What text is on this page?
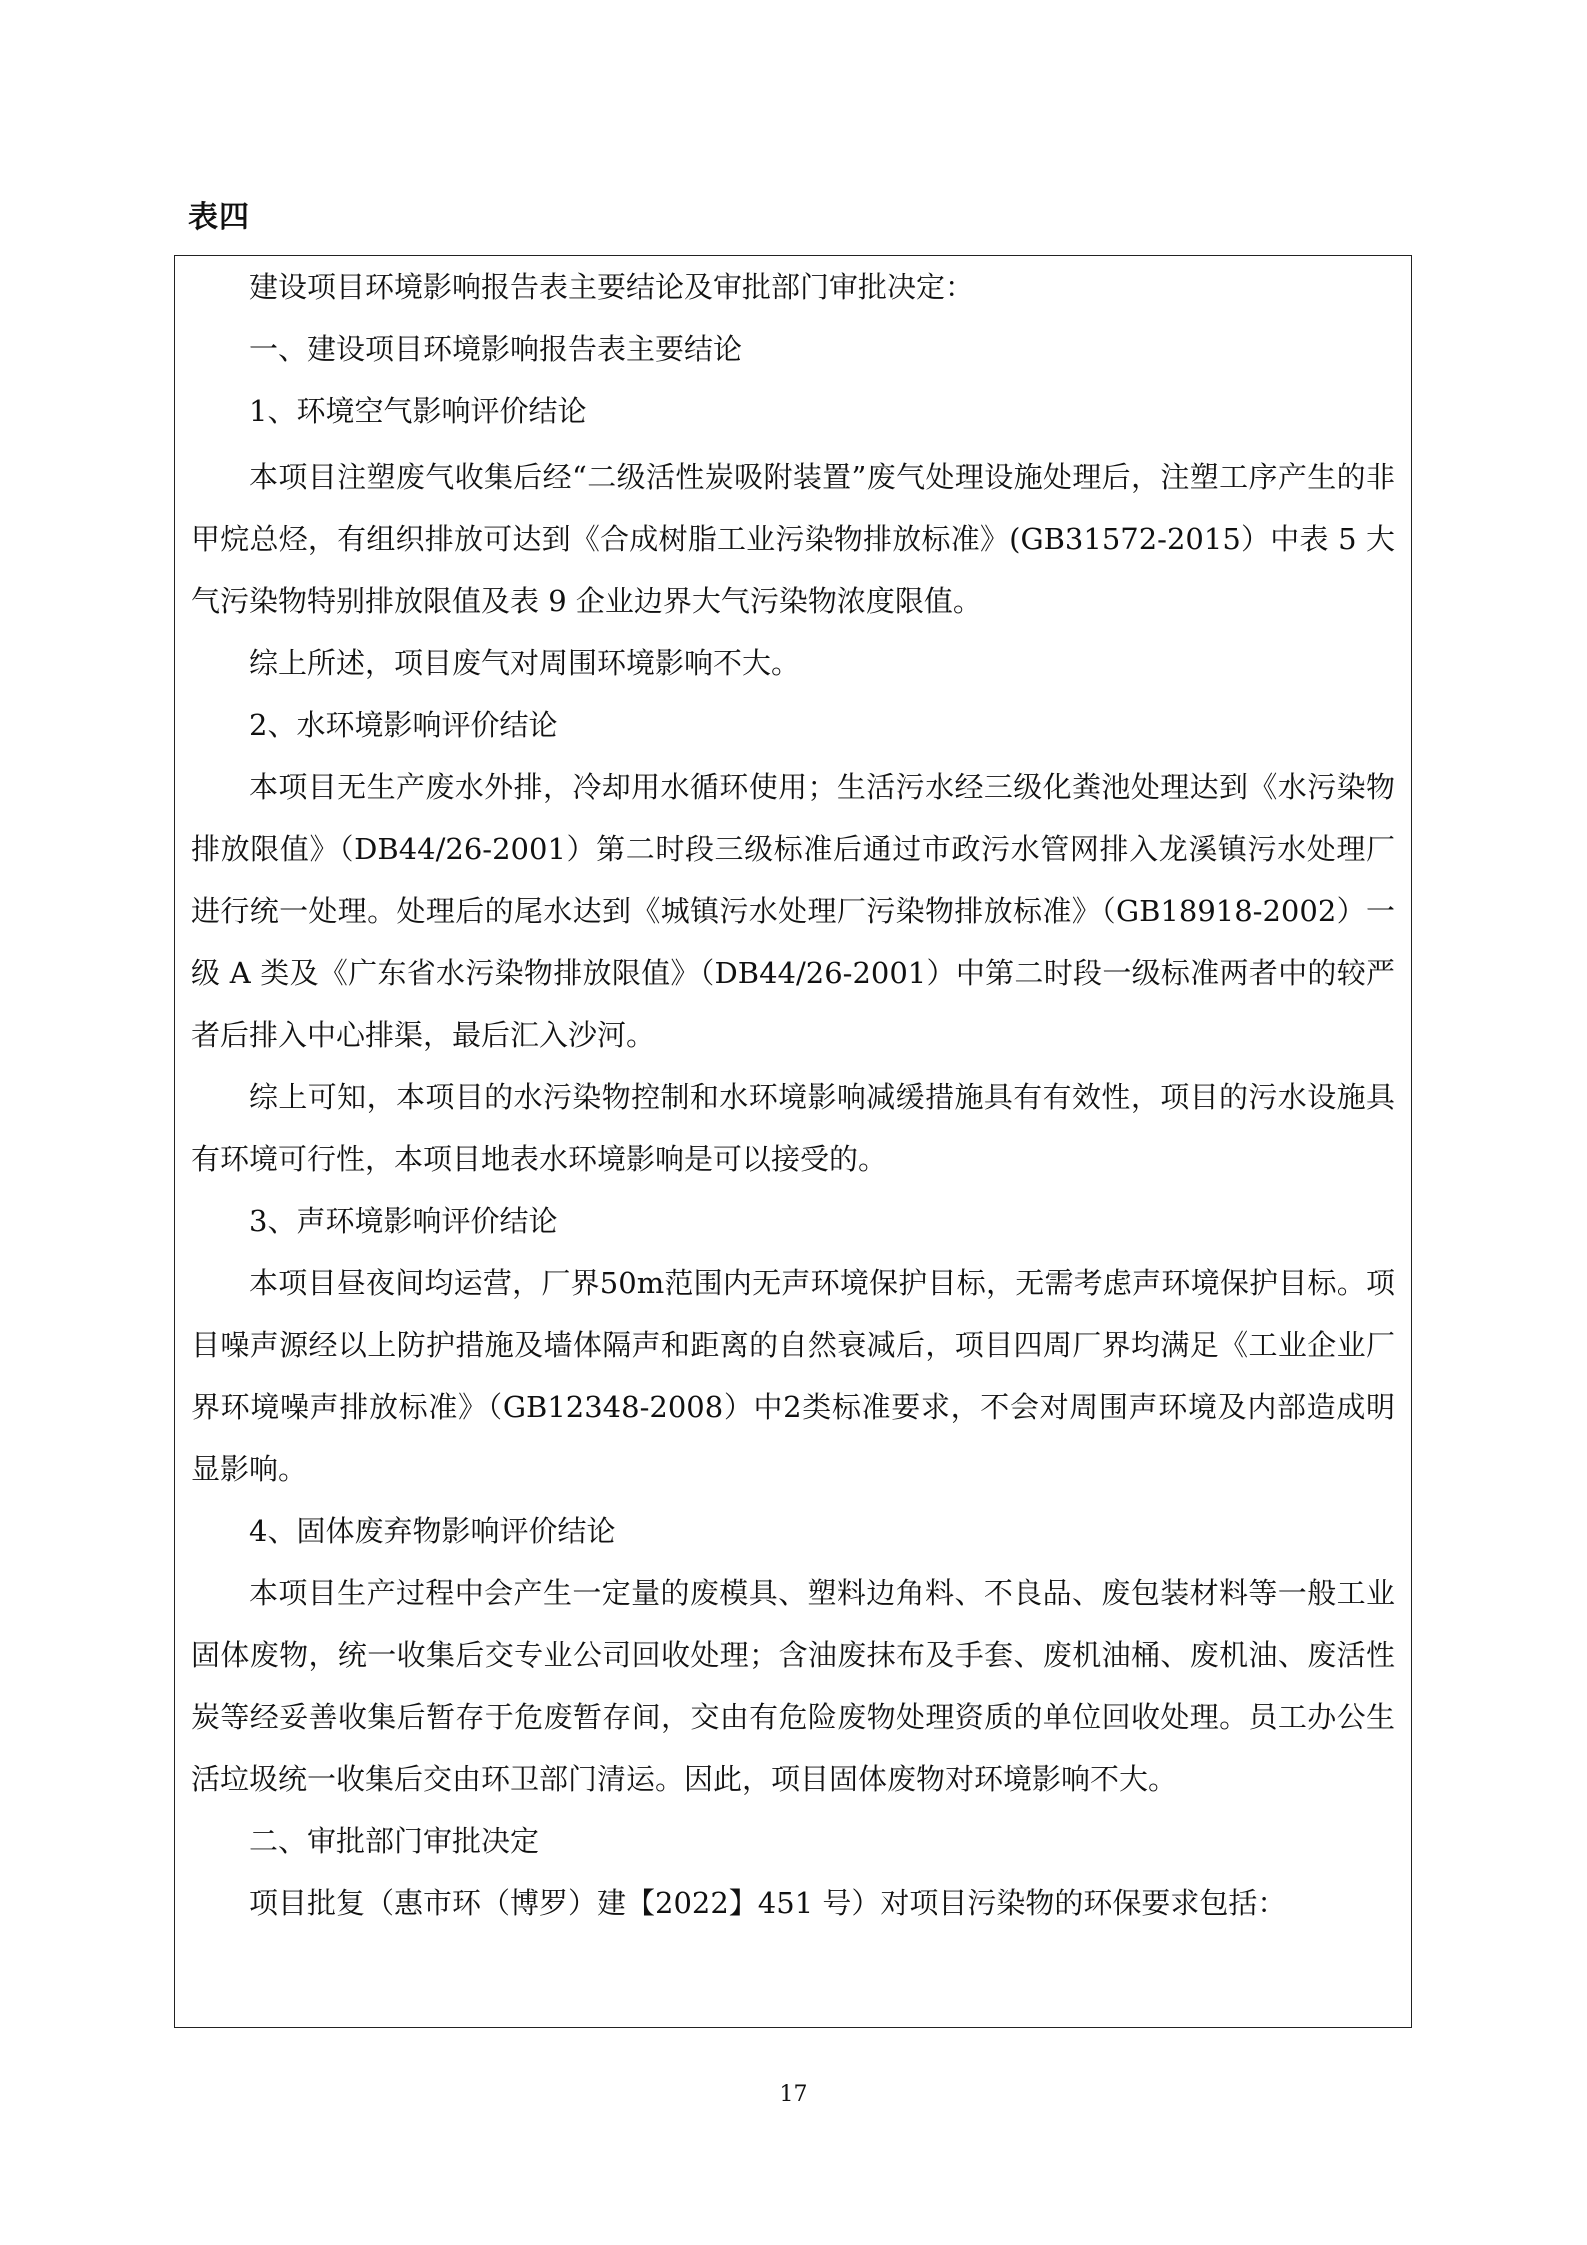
表四

建设项目环境影响报告表主要结论及审批部门审批决定：

一、建设项目环境影响报告表主要结论

1、环境空气影响评价结论

本项目注塑废气收集后经“二级活性炭吸附装置”废气处理设施处理后，注塑工序产生的非甲烷总烃，有组织排放可达到《合成树脂工业污染物排放标准》(GB31572-2015）中表 5 大气污染物特别排放限值及表 9 企业边界大气污染物浓度限值。

综上所述，项目废气对周围环境影响不大。

2、水环境影响评价结论

本项目无生产废水外排，冷却用水循环使用；生活污水经三级化粪池处理达到《水污染物排放限值》（DB44/26-2001）第二时段三级标准后通过市政污水管网排入龙溪镇污水处理厂进行统一处理。处理后的尾水达到《城镇污水处理厂污染物排放标准》（GB18918-2002）一级 A 类及《广东省水污染物排放限值》（DB44/26-2001）中第二时段一级标准两者中的较严者后排入中心排渠，最后汇入沙河。

综上可知，本项目的水污染物控制和水环境影响减缓措施具有有效性，项目的污水设施具有环境可行性，本项目地表水环境影响是可以接受的。

3、声环境影响评价结论

本项目昼夜间均运营，厂界50m范围内无声环境保护目标，无需考虑声环境保护目标。项目噪声源经以上防护措施及墙体隔声和距离的自然衰减后，项目四周厂界均满足《工业企业厂界环境噪声排放标准》（GB12348-2008）中2类标准要求，不会对周围声环境及内部造成明显影响。

4、固体废弃物影响评价结论

本项目生产过程中会产生一定量的废模具、塑料边角料、不良品、废包装材料等一般工业固体废物，统一收集后交专业公司回收处理；含油废抹布及手套、废机油桶、废机油、废活性炭等经妥善收集后暂存于危废暂存间，交由有危险废物处理资质的单位回收处理。员工办公生活垃圾统一收集后交由环卫部门清运。因此，项目固体废物对环境影响不大。

二、审批部门审批决定

项目批复（惠市环（博罗）建【2022】451 号）对项目污染物的环保要求包括：

17
